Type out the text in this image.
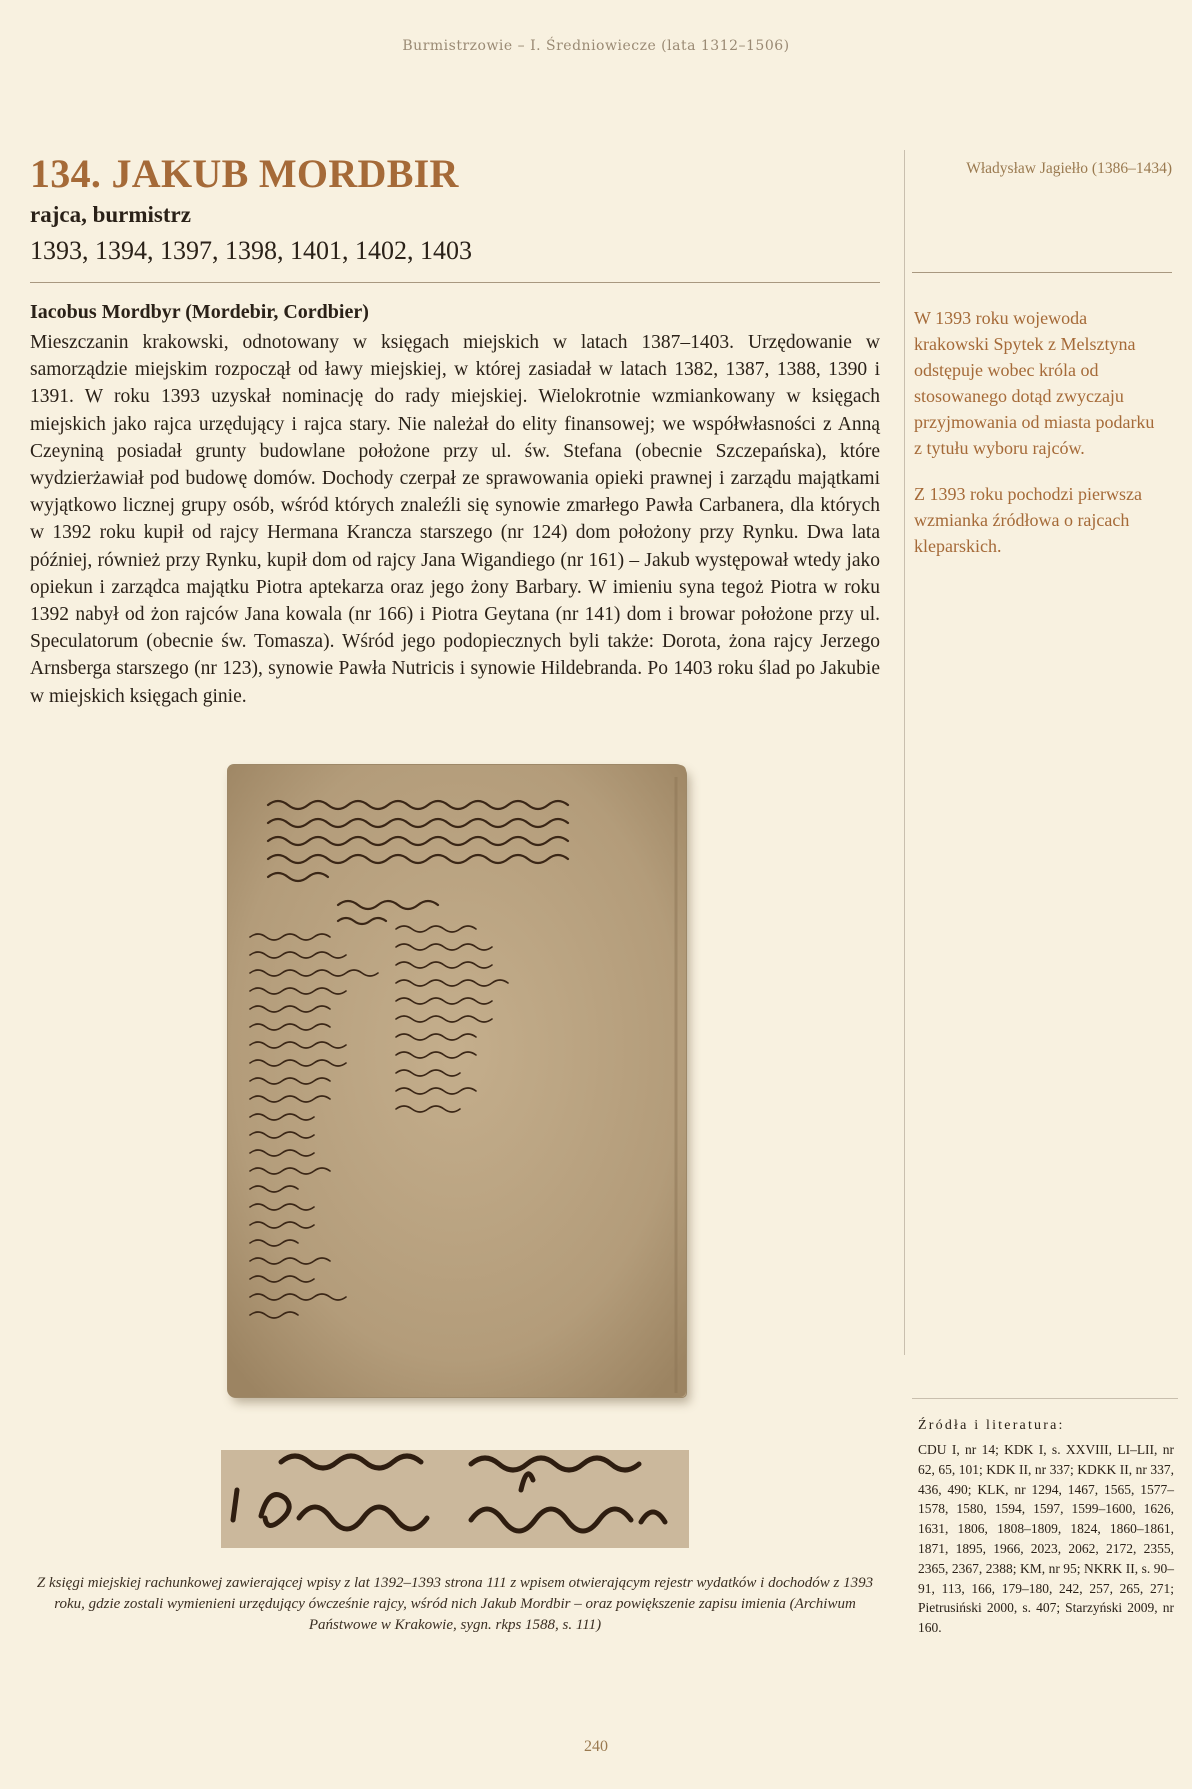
Burmistrzowie – I. Średniowiecze (lata 1312–1506)
134. JAKUB MORDBIR

rajca, burmistrz

1393, 1394, 1397, 1398, 1401, 1402, 1403

Iacobus Mordbyr (Mordebir, Cordbier)

Mieszczanin krakowski, odnotowany w księgach miejskich w latach 1387–1403. Urzędowanie w samorządzie miejskim rozpoczął od ławy miejskiej, w której zasiadał w latach 1382, 1387, 1388, 1390 i 1391. W roku 1393 uzyskał nominację do rady miejskiej. Wielokrotnie wzmiankowany w księgach miejskich jako rajca urzędujący i rajca stary. Nie należał do elity finansowej; we współwłasności z Anną Czeyniną posiadał grunty budowlane położone przy ul. św. Stefana (obecnie Szczepańska), które wydzierżawiał pod budowę domów. Dochody czerpał ze sprawowania opieki prawnej i zarządu majątkami wyjątkowo licznej grupy osób, wśród których znaleźli się synowie zmarłego Pawła Carbanera, dla których w 1392 roku kupił od rajcy Hermana Krancza starszego (nr 124) dom położony przy Rynku. Dwa lata później, również przy Rynku, kupił dom od rajcy Jana Wigandiego (nr 161) – Jakub występował wtedy jako opiekun i zarządca majątku Piotra aptekarza oraz jego żony Barbary. W imieniu syna tegoż Piotra w roku 1392 nabył od żon rajców Jana kowala (nr 166) i Piotra Geytana (nr 141) dom i browar położone przy ul. Speculatorum (obecnie św. Tomasza). Wśród jego podopiecznych byli także: Dorota, żona rajcy Jerzego Arnsberga starszego (nr 123), synowie Pawła Nutricis i synowie Hildebranda. Po 1403 roku ślad po Jakubie w miejskich księgach ginie.

Władysław Jagiełło (1386–1434)

W 1393 roku wojewoda krakowski Spytek z Melsztyna odstępuje wobec króla od stosowanego dotąd zwyczaju przyjmowania od miasta podarku z tytułu wyboru rajców.

Z 1393 roku pochodzi pierwsza wzmianka źródłowa o rajcach kleparskich.

Z księgi miejskiej rachunkowej zawierającej wpisy z lat 1392–1393 strona 111 z wpisem otwierającym rejestr wydatków i dochodów z 1393 roku, gdzie zostali wymienieni urzędujący ówcześnie rajcy, wśród nich Jakub Mordbir – oraz powiększenie zapisu imienia (Archiwum Państwowe w Krakowie, sygn. rkps 1588, s. 111)

Źródła i literatura:

CDU I, nr 14; KDK I, s. XXVIII, LI–LII, nr 62, 65, 101; KDK II, nr 337; KDKK II, nr 337, 436, 490; KLK, nr 1294, 1467, 1565, 1577–1578, 1580, 1594, 1597, 1599–1600, 1626, 1631, 1806, 1808–1809, 1824, 1860–1861, 1871, 1895, 1966, 2023, 2062, 2172, 2355, 2365, 2367, 2388; KM, nr 95; NKRK II, s. 90–91, 113, 166, 179–180, 242, 257, 265, 271; Pietrusiński 2000, s. 407; Starzyński 2009, nr 160.

240
